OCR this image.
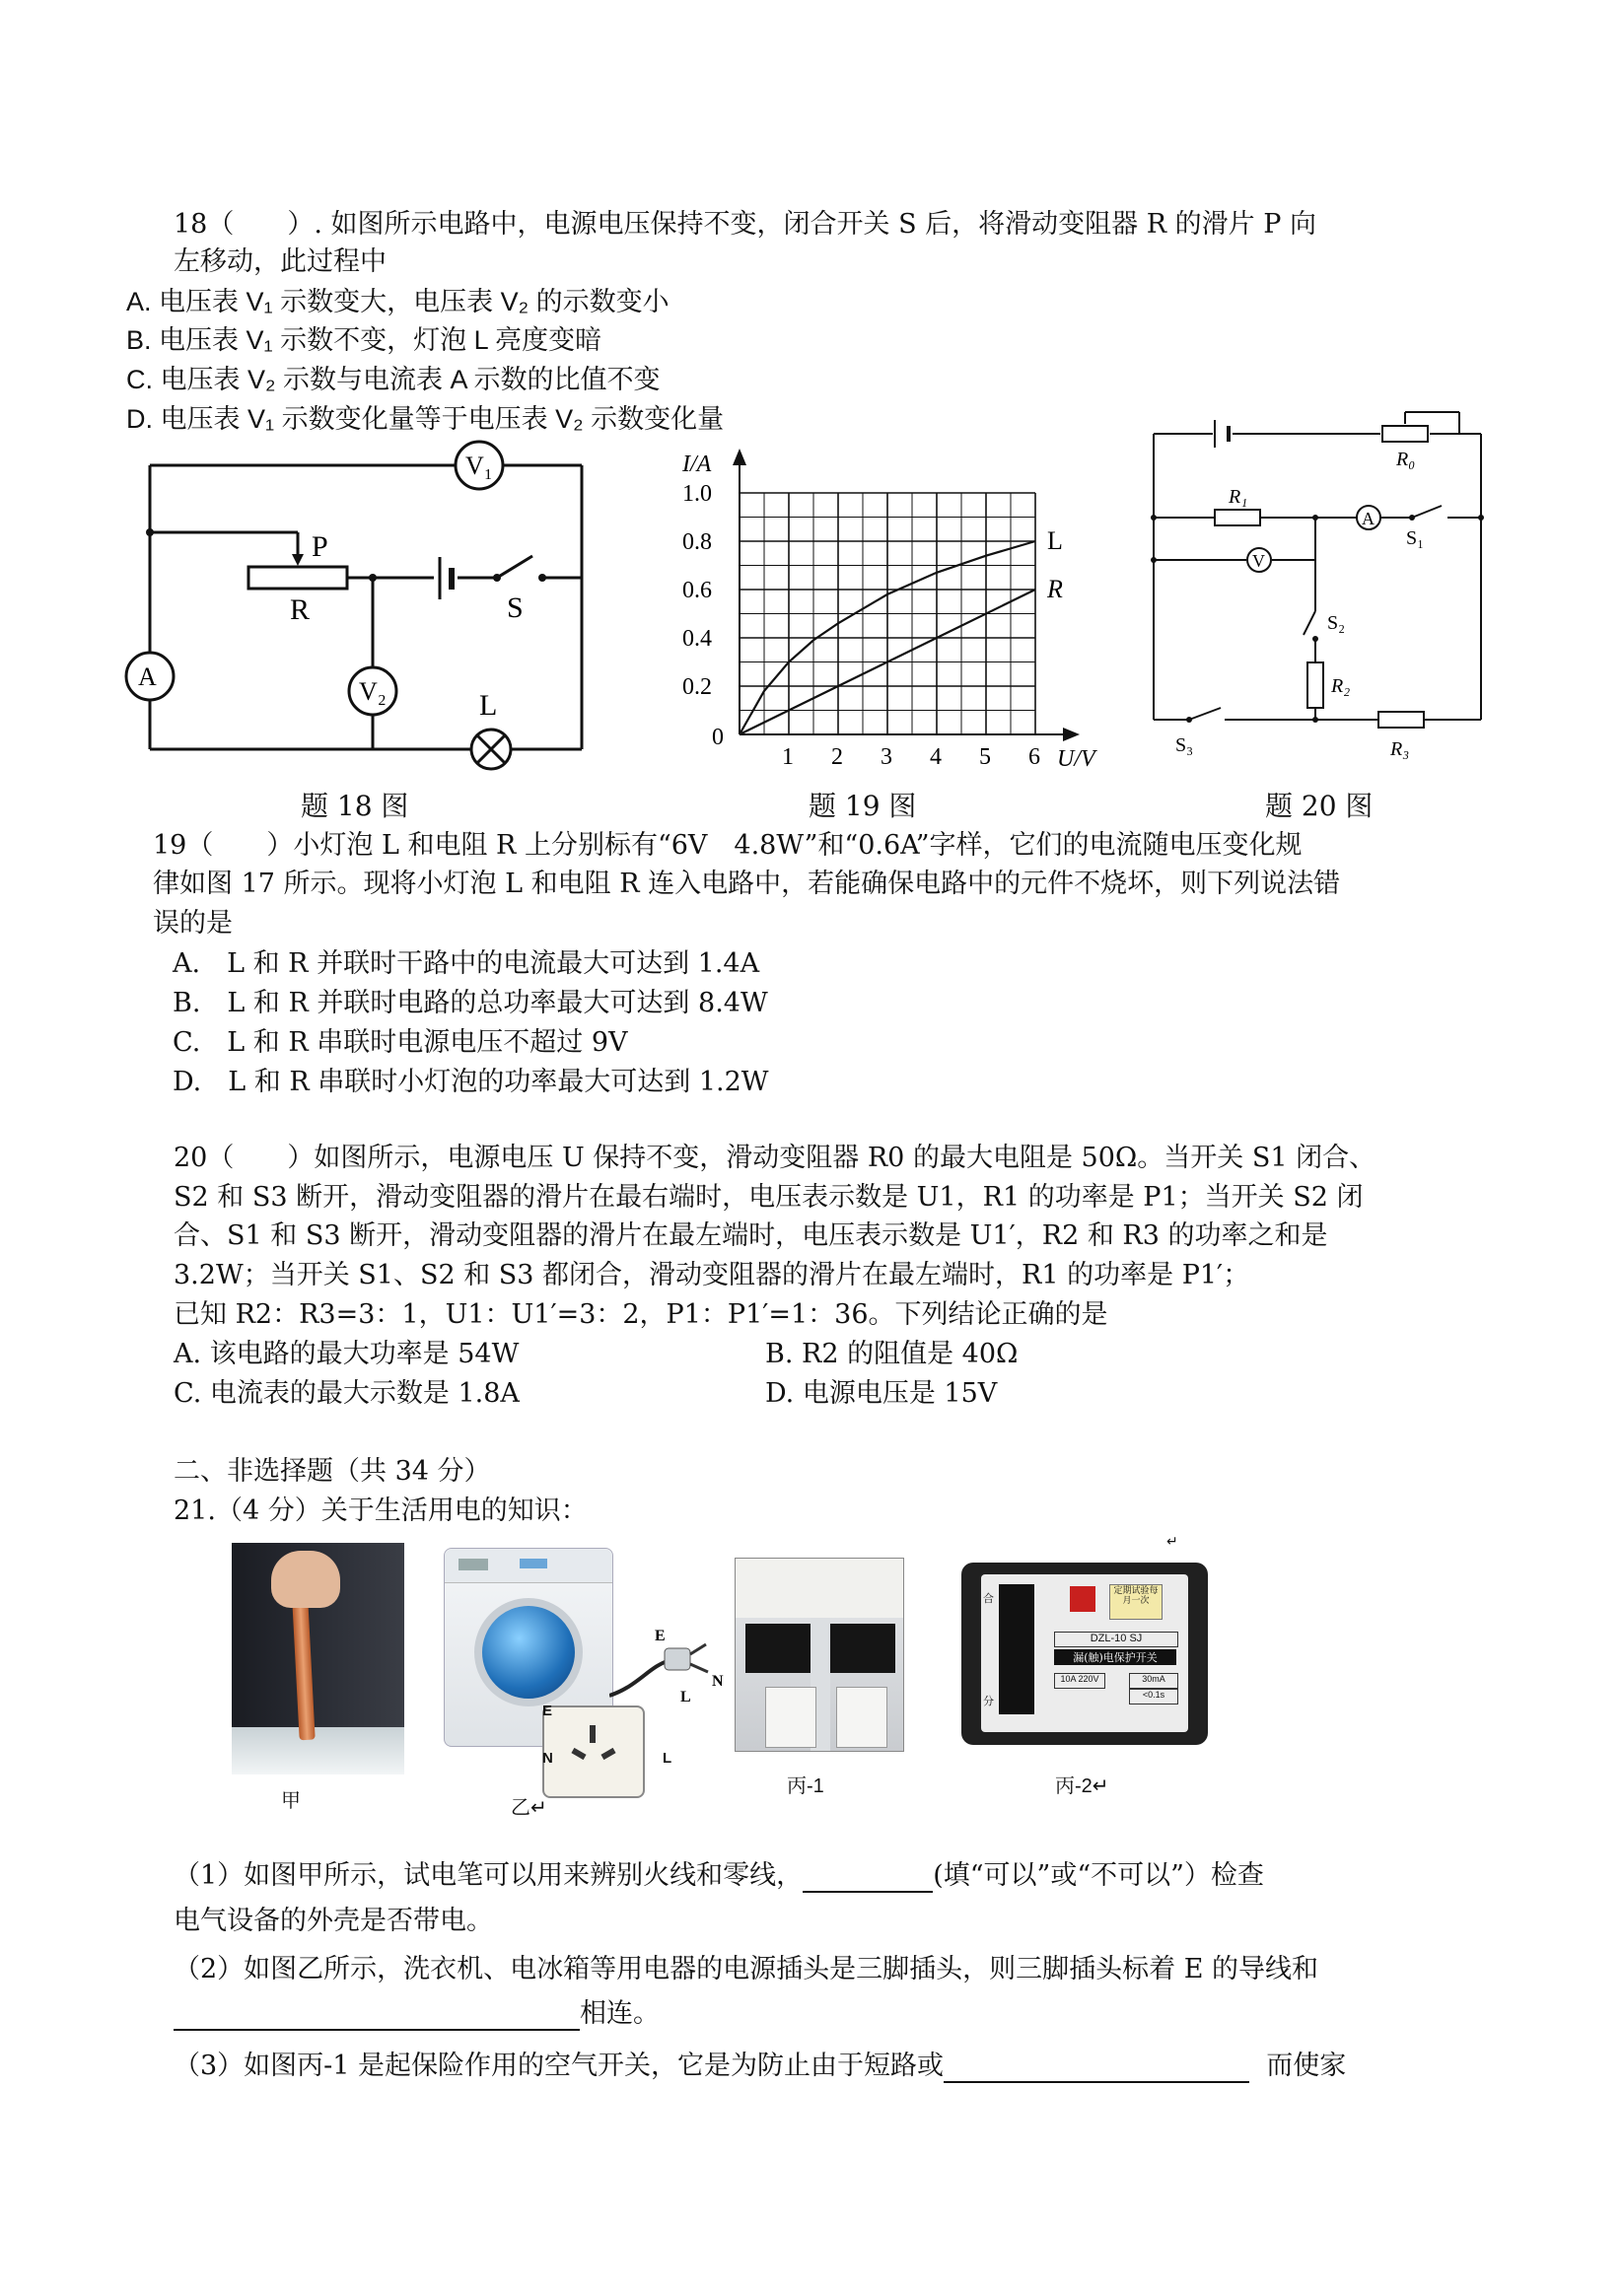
18（　　）. 如图所示电路中，电源电压保持不变，闭合开关 S 后，将滑动变阻器 R 的滑片 P 向
左移动，此过程中
A. 电压表 V₁ 示数变大，电压表 V₂ 的示数变小
B. 电压表 V₁ 示数不变，灯泡 L 亮度变暗
C. 电压表 V₂ 示数与电流表 A 示数的比值不变
D. 电压表 V₁ 示数变化量等于电压表 V₂ 示数变化量
V₁
A
V₂
P
R	S
L
题 18 图
L
R
1 2 3 4 5 6
0.2
0.4
0.6
0.8
1.0
0
I/A
U/V
题 19 图
R₀
R₁
A
V
S₁
S₂
R₂
S₃	R₃
题 20 图
19（　　）小灯泡 L 和电阻 R 上分别标有“6V　4.8W”和“0.6A”字样，它们的电流随电压变化规
律如图 17 所示。现将小灯泡 L 和电阻 R 连入电路中，若能确保电路中的元件不烧坏，则下列说法错
误的是
A.　L 和 R 并联时干路中的电流最大可达到 1.4A
B.　L 和 R 并联时电路的总功率最大可达到 8.4W
C.　L 和 R 串联时电源电压不超过 9V
D.　L 和 R 串联时小灯泡的功率最大可达到 1.2W
20（　　）如图所示，电源电压 U 保持不变，滑动变阻器 R0 的最大电阻是 50Ω。当开关 S1 闭合、
S2 和 S3 断开，滑动变阻器的滑片在最右端时，电压表示数是 U1，R1 的功率是 P1；当开关 S2 闭
合、S1 和 S3 断开，滑动变阻器的滑片在最左端时，电压表示数是 U1′，R2 和 R3 的功率之和是
3.2W；当开关 S1、S2 和 S3 都闭合，滑动变阻器的滑片在最左端时，R1 的功率是 P1′；
已知 R2：R3=3：1，U1：U1′=3：2，P1：P1′=1：36。下列结论正确的是
A. 该电路的最大功率是 54W	B. R2 的阻值是 40Ω
C. 电流表的最大示数是 1.8A	D. 电源电压是 15V
二、非选择题（共 34 分）
21.（4 分）关于生活用电的知识：
甲
E
L
N
E
N	L
乙↵
丙-1
定期试验每月一次
DZL-10 SJ
漏(触)电保护开关
10A 220V	30mA
<0.1s
合
分
↵
丙-2↵
（1）如图甲所示，试电笔可以用来辨别火线和零线，	(填“可以”或“不可以”）检查
电气设备的外壳是否带电。
（2）如图乙所示，洗衣机、电冰箱等用电器的电源插头是三脚插头，则三脚插头标着 E 的导线和
相连。
（3）如图丙-1 是起保险作用的空气开关，它是为防止由于短路或	而使家
